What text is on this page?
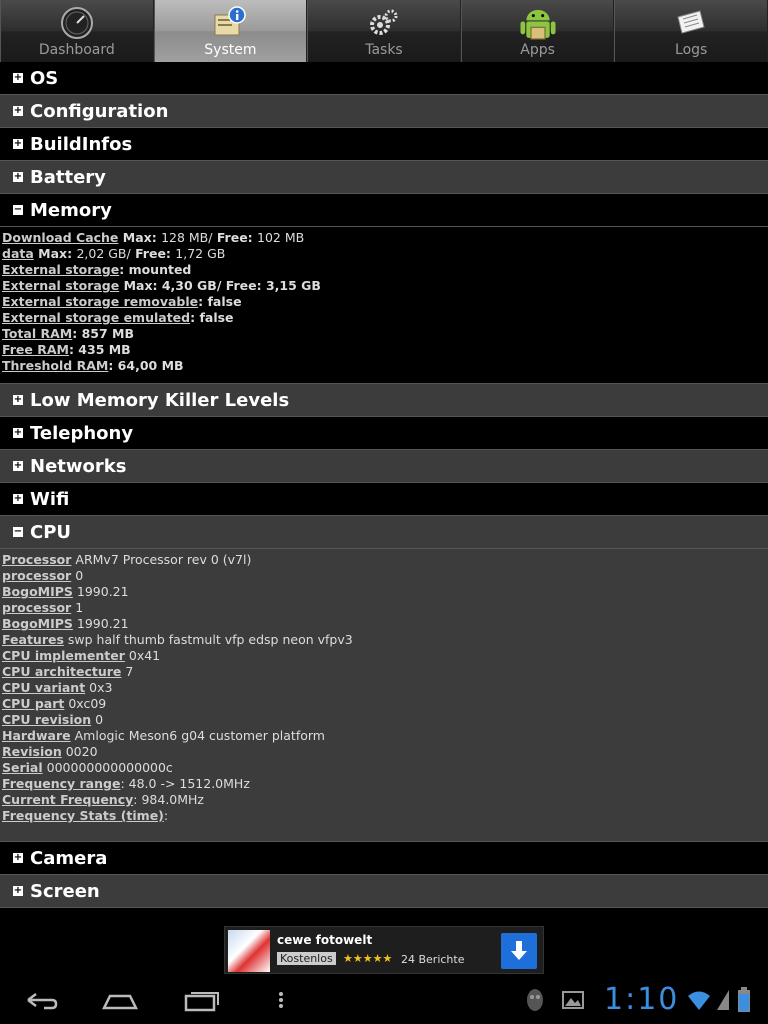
Dashboard	System	Tasks	Apps	Logs
+ OS
+ Configuration
+ BuildInfos
+ Battery
− Memory
Download Cache Max: 128 MB/ Free: 102 MB
data Max: 2,02 GB/ Free: 1,72 GB
External storage: mounted
External storage Max: 4,30 GB/ Free: 3,15 GB
External storage removable: false
External storage emulated: false
Total RAM: 857 MB
Free RAM: 435 MB
Threshold RAM: 64,00 MB
+ Low Memory Killer Levels
+ Telephony
+ Networks
+ Wifi
− CPU
Processor ARMv7 Processor rev 0 (v7l)
processor 0
BogoMIPS 1990.21
processor 1
BogoMIPS 1990.21
Features swp half thumb fastmult vfp edsp neon vfpv3
CPU implementer 0x41
CPU architecture 7
CPU variant 0x3
CPU part 0xc09
CPU revision 0
Hardware Amlogic Meson6 g04 customer platform
Revision 0020
Serial 000000000000000c
Frequency range: 48.0 -> 1512.0MHz
Current Frequency: 984.0MHz
Frequency Stats (time):
+ Camera
+ Screen
cewe fotowelt
Kostenlos ★★★★★ 24 Berichte
1:10
